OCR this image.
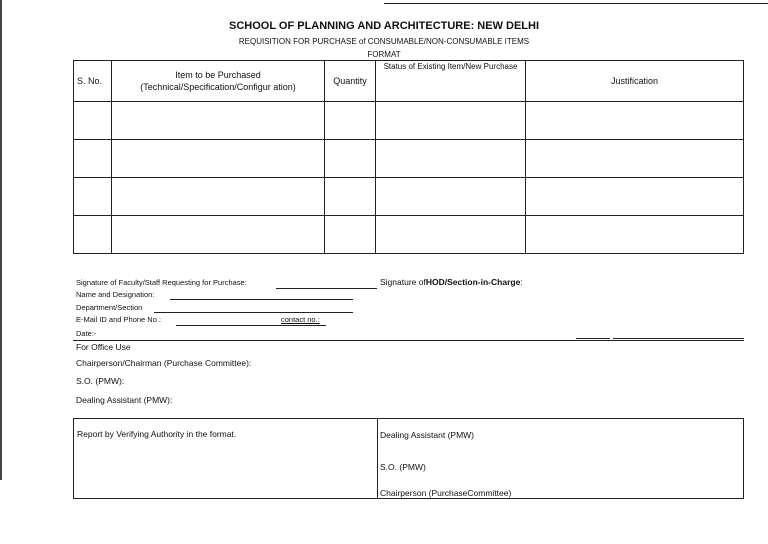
SCHOOL OF PLANNING AND ARCHITECTURE: NEW DELHI
REQUISITION FOR PURCHASE of CONSUMABLE/NON-CONSUMABLE ITEMS
FORMAT
S. No.	Item to be Purchased (Technical/Specification/Configur ation)	Quantity	Status of Existing Item/New Purchase	Justification

Signature of Faculty/Staff Requesting for Purchase:	Signature ofHOD/Section-in-Charge:
Name and Designation:
Department/Section
E-Mail ID and Phone No.:	contact no.:
Date:-
For Office Use
Chairperson/Chairman (Purchase Committee):
S.O. (PMW):
Dealing Assistant (PMW):
Report by Verifying Authority in the format.	Dealing Assistant (PMW)
S.O. (PMW)
Chairperson (PurchaseCommittee)
